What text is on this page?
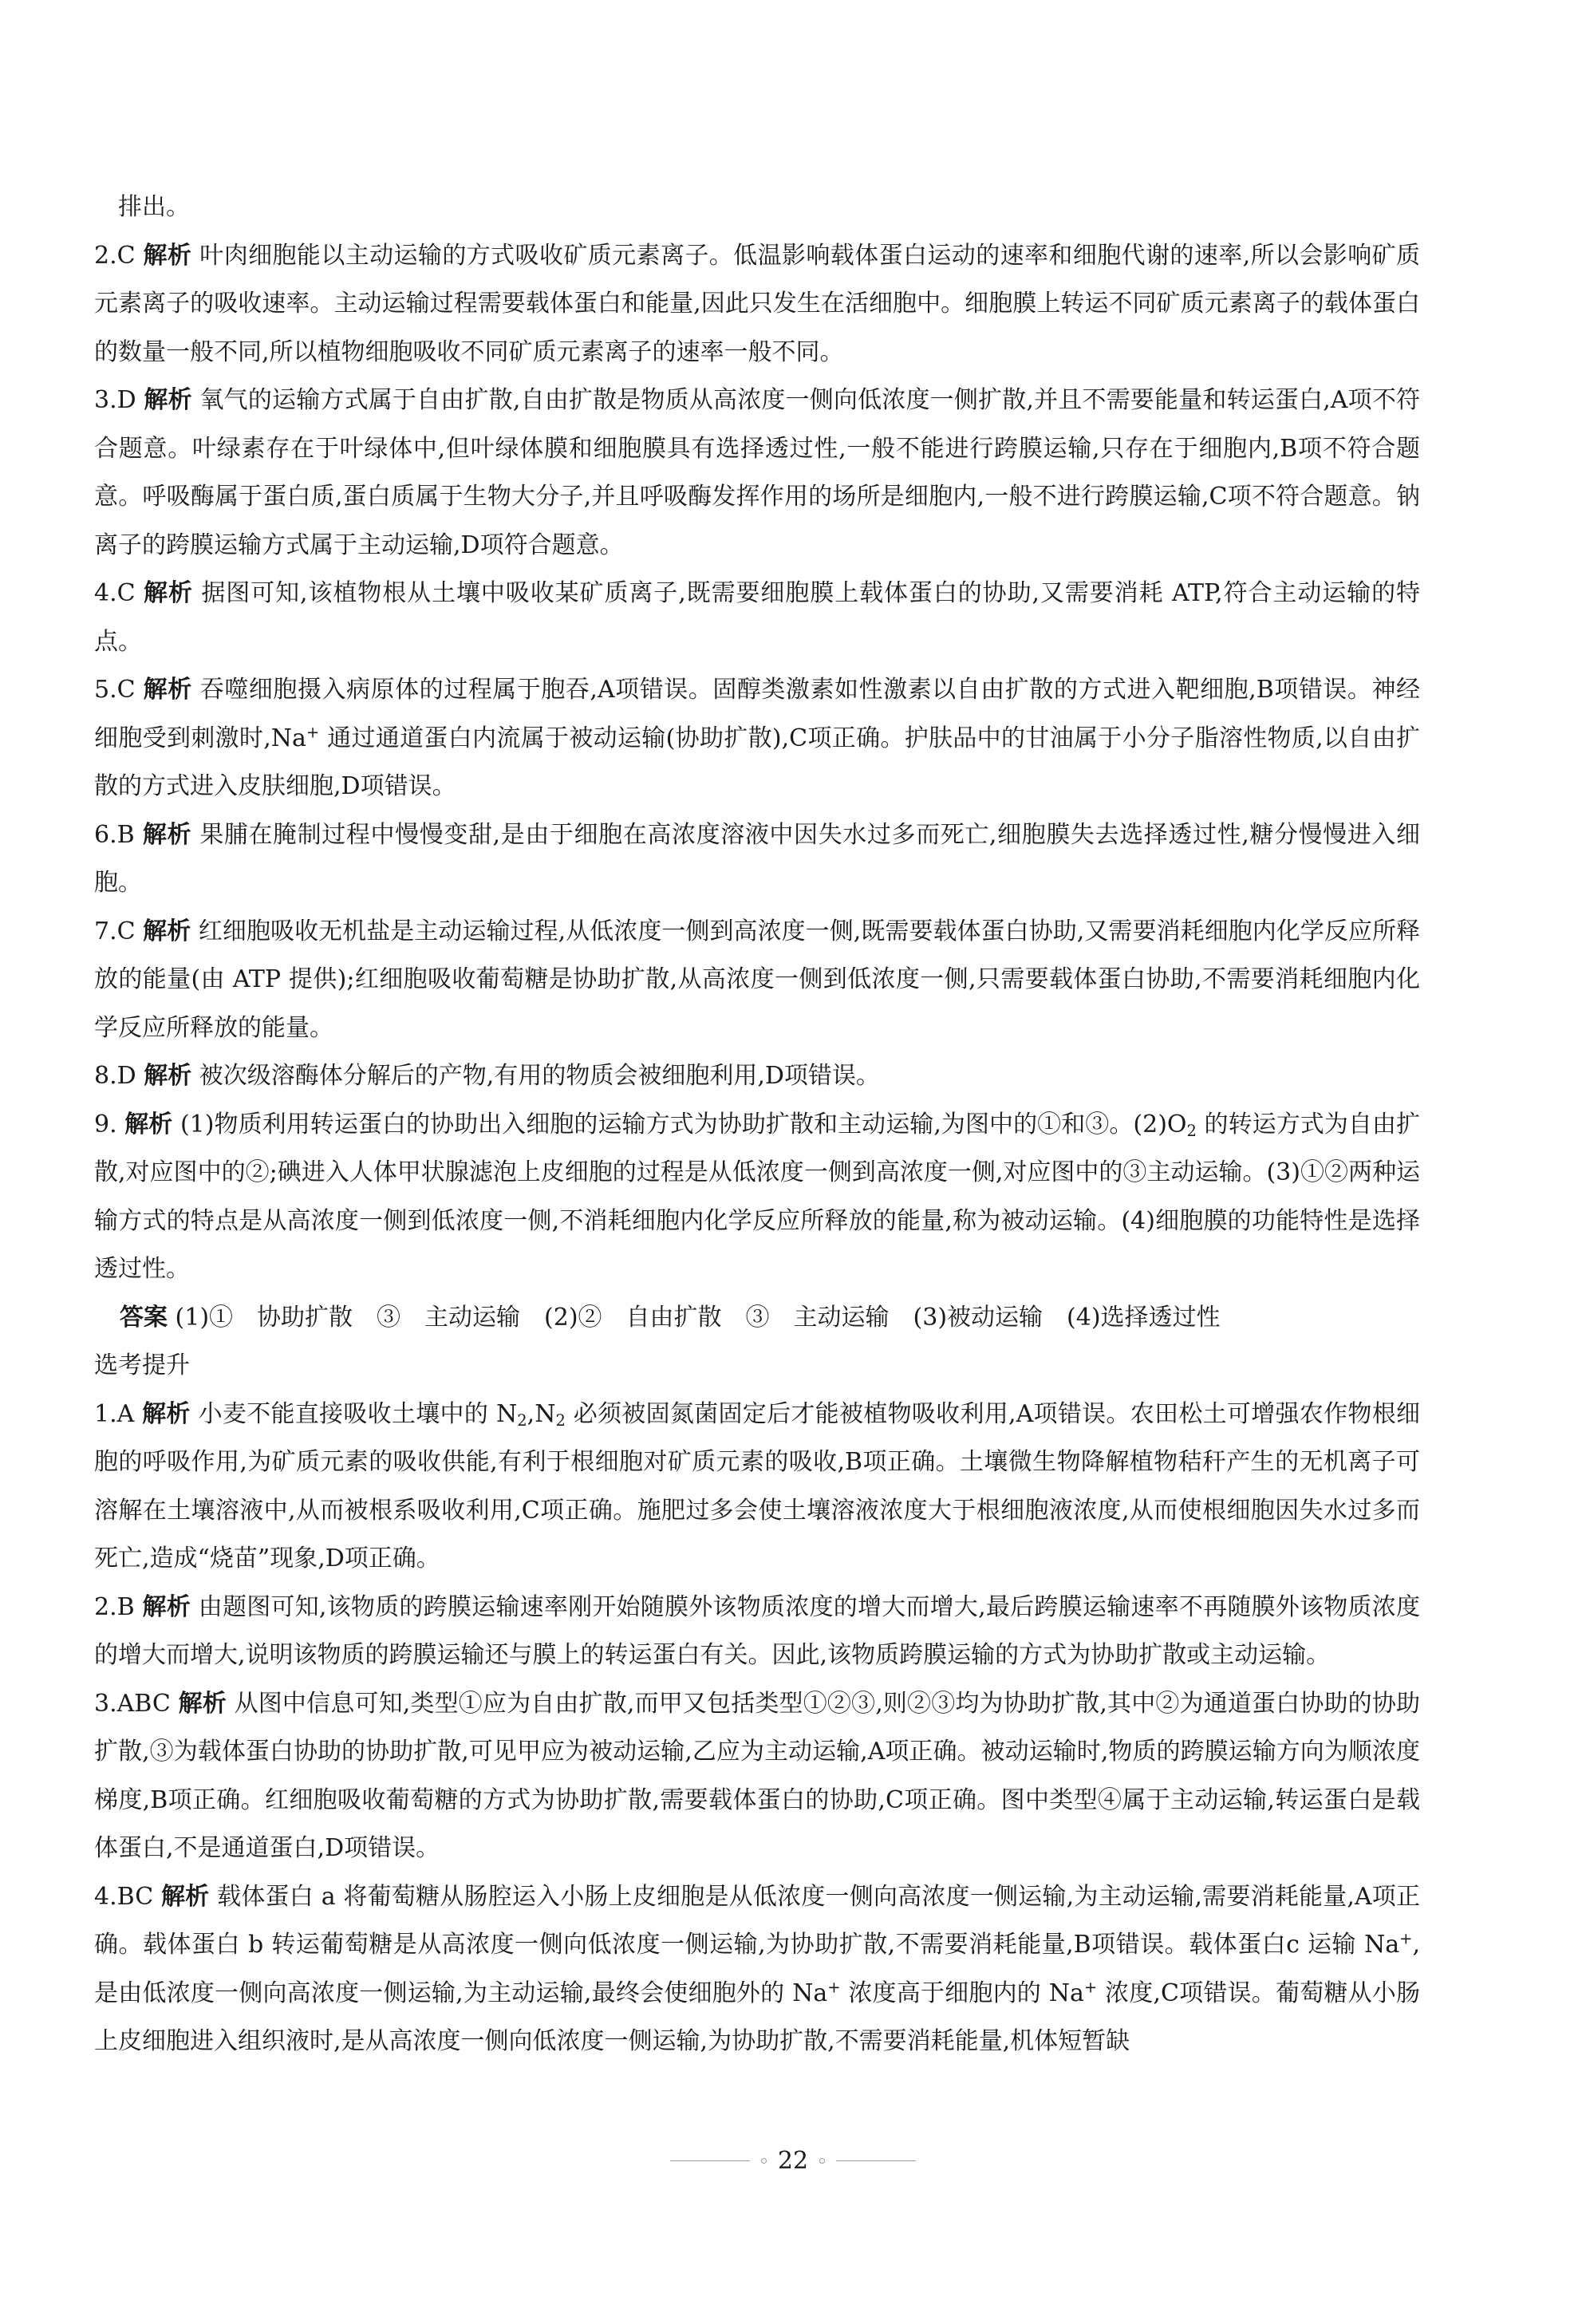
排出。

2.C 解析 叶肉细胞能以主动运输的方式吸收矿质元素离子。低温影响载体蛋白运动的速率和细胞代谢的速率,所以会影响矿质元素离子的吸收速率。主动运输过程需要载体蛋白和能量,因此只发生在活细胞中。细胞膜上转运不同矿质元素离子的载体蛋白的数量一般不同,所以植物细胞吸收不同矿质元素离子的速率一般不同。

3.D 解析 氧气的运输方式属于自由扩散,自由扩散是物质从高浓度一侧向低浓度一侧扩散,并且不需要能量和转运蛋白,A项不符合题意。叶绿素存在于叶绿体中,但叶绿体膜和细胞膜具有选择透过性,一般不能进行跨膜运输,只存在于细胞内,B项不符合题意。呼吸酶属于蛋白质,蛋白质属于生物大分子,并且呼吸酶发挥作用的场所是细胞内,一般不进行跨膜运输,C项不符合题意。钠离子的跨膜运输方式属于主动运输,D项符合题意。

4.C 解析 据图可知,该植物根从土壤中吸收某矿质离子,既需要细胞膜上载体蛋白的协助,又需要消耗 ATP,符合主动运输的特点。

5.C 解析 吞噬细胞摄入病原体的过程属于胞吞,A项错误。固醇类激素如性激素以自由扩散的方式进入靶细胞,B项错误。神经细胞受到刺激时,Na+ 通过通道蛋白内流属于被动运输(协助扩散),C项正确。护肤品中的甘油属于小分子脂溶性物质,以自由扩散的方式进入皮肤细胞,D项错误。

6.B 解析 果脯在腌制过程中慢慢变甜,是由于细胞在高浓度溶液中因失水过多而死亡,细胞膜失去选择透过性,糖分慢慢进入细胞。

7.C 解析 红细胞吸收无机盐是主动运输过程,从低浓度一侧到高浓度一侧,既需要载体蛋白协助,又需要消耗细胞内化学反应所释放的能量(由 ATP 提供);红细胞吸收葡萄糖是协助扩散,从高浓度一侧到低浓度一侧,只需要载体蛋白协助,不需要消耗细胞内化学反应所释放的能量。

8.D 解析 被次级溶酶体分解后的产物,有用的物质会被细胞利用,D项错误。

9. 解析 (1)物质利用转运蛋白的协助出入细胞的运输方式为协助扩散和主动运输,为图中的①和③。$(2)O_2$ 的转运方式为自由扩散,对应图中的②;碘进入人体甲状腺滤泡上皮细胞的过程是从低浓度一侧到高浓度一侧,对应图中的③主动运输。(3)①②两种运输方式的特点是从高浓度一侧到低浓度一侧,不消耗细胞内化学反应所释放的能量,称为被动运输。(4)细胞膜的功能特性是选择透过性。

答案 (1)①　协助扩散　③　主动运输　(2)②　自由扩散　③　主动运输　(3)被动运输　(4)选择透过性

选考提升

1.A 解析 小麦不能直接吸收土壤中的 $N_2,N_2$ 必须被固氮菌固定后才能被植物吸收利用,A项错误。农田松土可增强农作物根细胞的呼吸作用,为矿质元素的吸收供能,有利于根细胞对矿质元素的吸收,B项正确。土壤微生物降解植物秸秆产生的无机离子可溶解在土壤溶液中,从而被根系吸收利用,C项正确。施肥过多会使土壤溶液浓度大于根细胞液浓度,从而使根细胞因失水过多而死亡,造成“烧苗”现象,D项正确。

2.B 解析 由题图可知,该物质的跨膜运输速率刚开始随膜外该物质浓度的增大而增大,最后跨膜运输速率不再随膜外该物质浓度的增大而增大,说明该物质的跨膜运输还与膜上的转运蛋白有关。因此,该物质跨膜运输的方式为协助扩散或主动运输。

3.ABC 解析 从图中信息可知,类型①应为自由扩散,而甲又包括类型①②③,则②③均为协助扩散,其中②为通道蛋白协助的协助扩散,③为载体蛋白协助的协助扩散,可见甲应为被动运输,乙应为主动运输,A项正确。被动运输时,物质的跨膜运输方向为顺浓度梯度,B项正确。红细胞吸收葡萄糖的方式为协助扩散,需要载体蛋白的协助,C项正确。图中类型④属于主动运输,转运蛋白是载体蛋白,不是通道蛋白,D项错误。

4.BC 解析 载体蛋白 a 将葡萄糖从肠腔运入小肠上皮细胞是从低浓度一侧向高浓度一侧运输,为主动运输,需要消耗能量,A项正确。载体蛋白 b 转运葡萄糖是从高浓度一侧向低浓度一侧运输,为协助扩散,不需要消耗能量,B项错误。载体蛋白c 运输 Na+,是由低浓度一侧向高浓度一侧运输,为主动运输,最终会使细胞外的 Na+ 浓度高于细胞内的 Na+ 浓度,C项错误。葡萄糖从小肠上皮细胞进入组织液时,是从高浓度一侧向低浓度一侧运输,为协助扩散,不需要消耗能量,机体短暂缺

22
